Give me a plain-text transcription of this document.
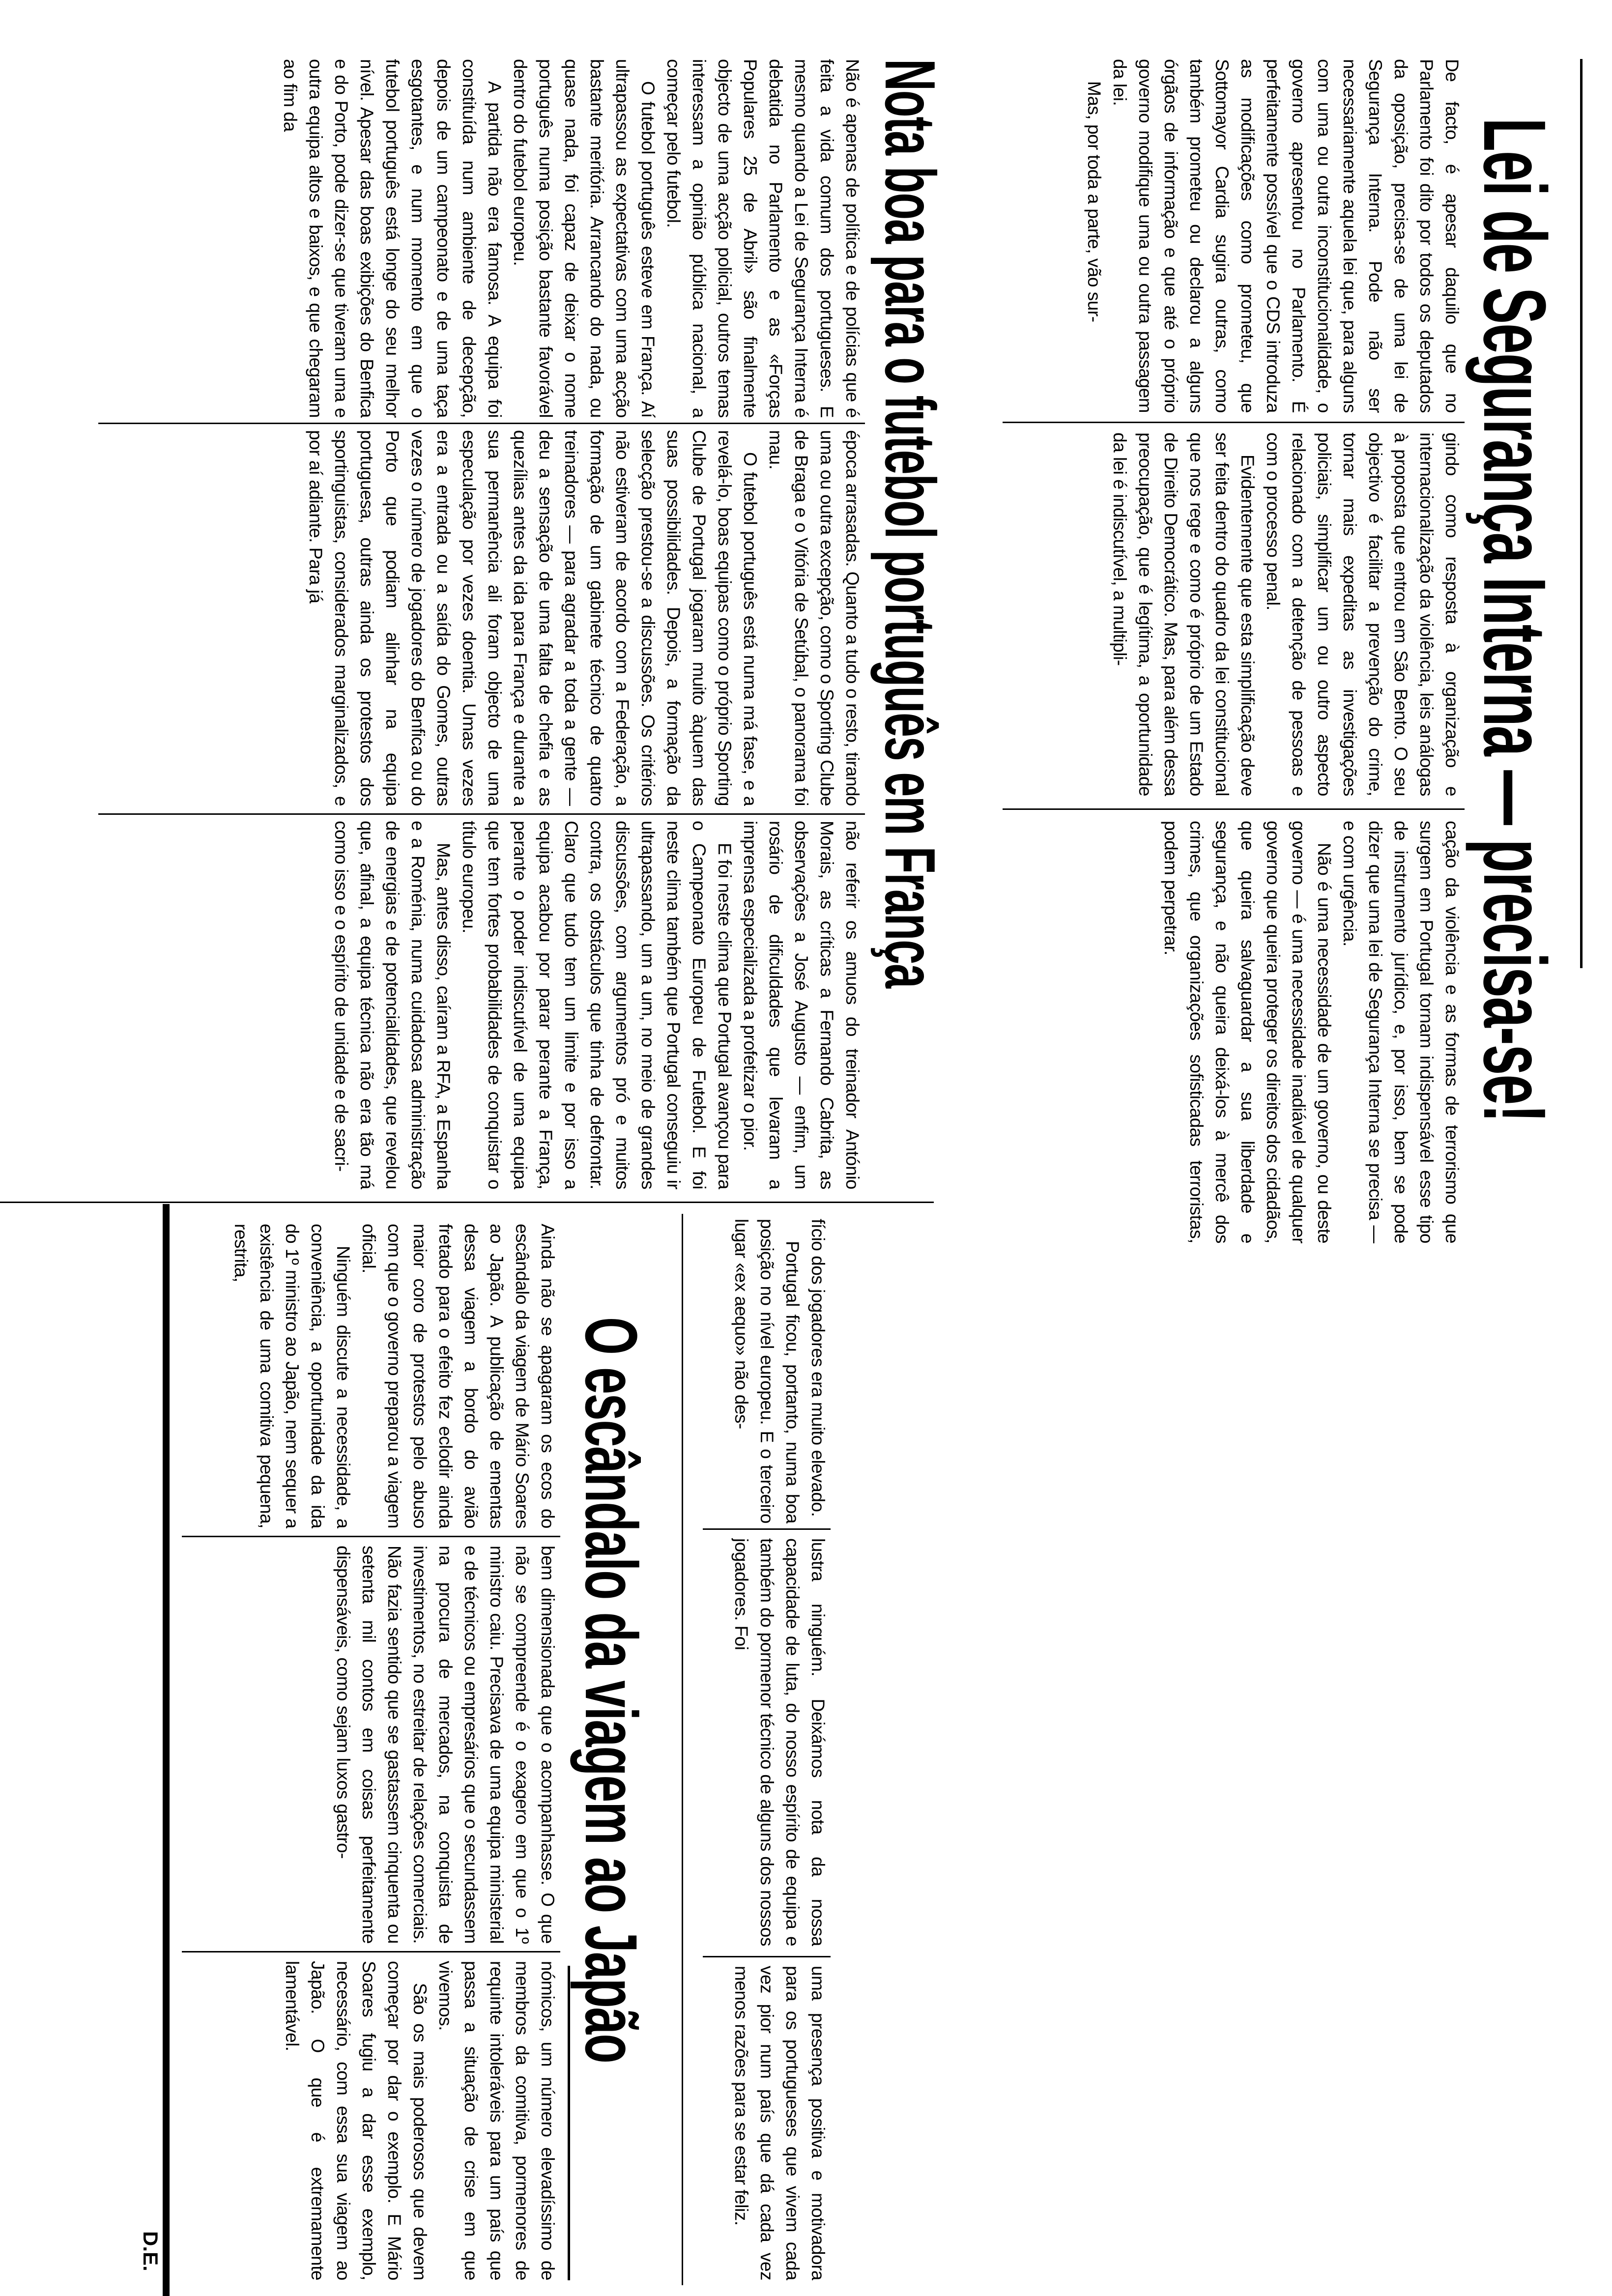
Lei de Segurança Interna — precisa-se!

De facto, é apesar daquilo que no Parlamento foi dito por todos os deputados da oposição, precisa-se de uma lei de Segurança Interna. Pode não ser necessariamente aquela lei que, para alguns com uma ou outra inconstitucionalidade, o governo apresentou no Parlamento. É perfeitamente possível que o CDS introduza as modificações como prometeu, que Sottomayor Cardia sugira outras, como também prometeu ou declarou a alguns órgãos de informação e que até o próprio governo modifique uma ou outra passagem da lei.

Mas, por toda a parte, vão sur-

gindo como resposta à organização e internacionalização da violência, leis análogas à proposta que entrou em São Bento. O seu objectivo é facilitar a prevenção do crime, tornar mais expeditas as investigações policiais, simplificar um ou outro aspecto relacionado com a detenção de pessoas e com o processo penal.

Evidentemente que esta simplificação deve ser feita dentro do quadro da lei constitucional que nos rege e como é próprio de um Estado de Direito Democrático. Mas, para além dessa preocupação, que é legítima, a oportunidade da lei é indiscutível, a multipli-

cação da violência e as formas de terrorismo que surgem em Portugal tornam indispensável esse tipo de instrumento jurídico, e, por isso, bem se pode dizer que uma lei de Segurança Interna se precisa — e com urgência.

Não é uma necessidade de um governo, ou deste governo — é uma necessidade inadiável de qualquer governo que queira proteger os direitos dos cidadãos, que queira salvaguardar a sua liberdade e segurança, e não queira deixá-los à mercê dos crimes, que organizações sofisticadas terroristas, podem perpetrar.

Nota boa para o futebol português em França

Não é apenas de política e de polícias que é feita a vida comum dos portugueses. E mesmo quando a Lei de Segurança Interna é debatida no Parlamento e as «Forças Populares 25 de Abril» são finalmente objecto de uma acção policial, outros temas interessam a opinião pública nacional, a começar pelo futebol.

O futebol português esteve em França. Aí ultrapassou as expectativas com uma acção bastante meritória. Arrancando do nada, ou quase nada, foi capaz de deixar o nome português numa posição bastante favorável dentro do futebol europeu.

A partida não era famosa. A equipa foi constituída num ambiente de decepção, depois de um campeonato e de uma taça esgotantes, e num momento em que o futebol português está longe do seu melhor nível. Apesar das boas exibições do Benfica e do Porto, pode dizer-se que tiveram uma e outra equipa altos e baixos, e que chegaram ao fim da

época arrasadas. Quanto a tudo o resto, tirando uma ou outra excepção, como o Sporting Clube de Braga e o Vitória de Setúbal, o panorama foi mau.

O futebol português está numa má fase, e a revelá-lo, boas equipas como o próprio Sporting Clube de Portugal jogaram muito àquem das suas possibilidades. Depois, a formação da selecção prestou-se a discussões. Os critérios não estiveram de acordo com a Federação, a formação de um gabinete técnico de quatro treinadores — para agradar a toda a gente — deu a sensação de uma falta de chefia e as quezílias antes da ida para França e durante a sua permanência ali foram objecto de uma especulação por vezes doentia. Umas vezes era a entrada ou a saída do Gomes, outras vezes o número de jogadores do Benfica ou do Porto que podiam alinhar na equipa portuguesa, outras ainda os protestos dos sportinguistas, considerados marginalizados, e por aí adiante. Para já

não referir os amuos do treinador António Morais, as críticas a Fernando Cabrita, as observações a José Augusto — enfim, um rosário de dificuldades que levaram a imprensa especializada a profetizar o pior.

E foi neste clima que Portugal avançou para o Campeonato Europeu de Futebol. E foi neste clima também que Portugal conseguiu ir ultrapassando, um a um, no meio de grandes discussões, com argumentos pró e muitos contra, os obstáculos que tinha de defrontar. Claro que tudo tem um limite e por isso a equipa acabou por parar perante a França, perante o poder indiscutível de uma equipa que tem fortes probabilidades de conquistar o título europeu.

Mas, antes disso, caíram a RFA, a Espanha e a Roménia, numa cuidadosa administração de energias e de potencialidades, que revelou que, afinal, a equipa técnica não era tão má como isso e o espírito de unidade e de sacri-

fício dos jogadores era muito elevado.

Portugal ficou, portanto, numa boa posição no nível europeu. E o terceiro lugar «ex aequo» não des-

lustra ninguém. Deixámos nota da nossa capacidade de luta, do nosso espírito de equipa e também do pormenor técnico de alguns dos nossos jogadores. Foi

uma presença positiva e motivadora para os portugueses que vivem cada vez pior num país que dá cada vez menos razões para se estar feliz.

O escândalo da viagem ao Japão

Ainda não se apagaram os ecos do escândalo da viagem de Mário Soares ao Japão. A publicação de ementas dessa viagem a bordo do avião fretado para o efeito fez eclodir ainda maior coro de protestos pelo abuso com que o governo preparou a viagem oficial.

Ninguém discute a necessidade, a conveniência, a oportunidade da ida do 1º ministro ao Japão, nem sequer a existência de uma comitiva pequena, restrita,

bem dimensionada que o acompanhasse. O que não se compreende é o exagero em que o 1º ministro caiu. Precisava de uma equipa ministerial e de técnicos ou empresários que o secundassem na procura de mercados, na conquista de investimentos, no estreitar de relações comerciais. Não fazia sentido que se gastassem cinquenta ou setenta mil contos em coisas perfeitamente dispensáveis, como sejam luxos gastro-

nómicos, um número elevadíssimo de membros da comitiva, pormenores de requinte intoleráveis para um país que passa a situação de crise em que vivemos.

São os mais poderosos que devem começar por dar o exemplo. E Mário Soares fugiu a dar esse exemplo, necessário, com essa sua viagem ao Japão. O que é extremamente lamentável.

D.E.
